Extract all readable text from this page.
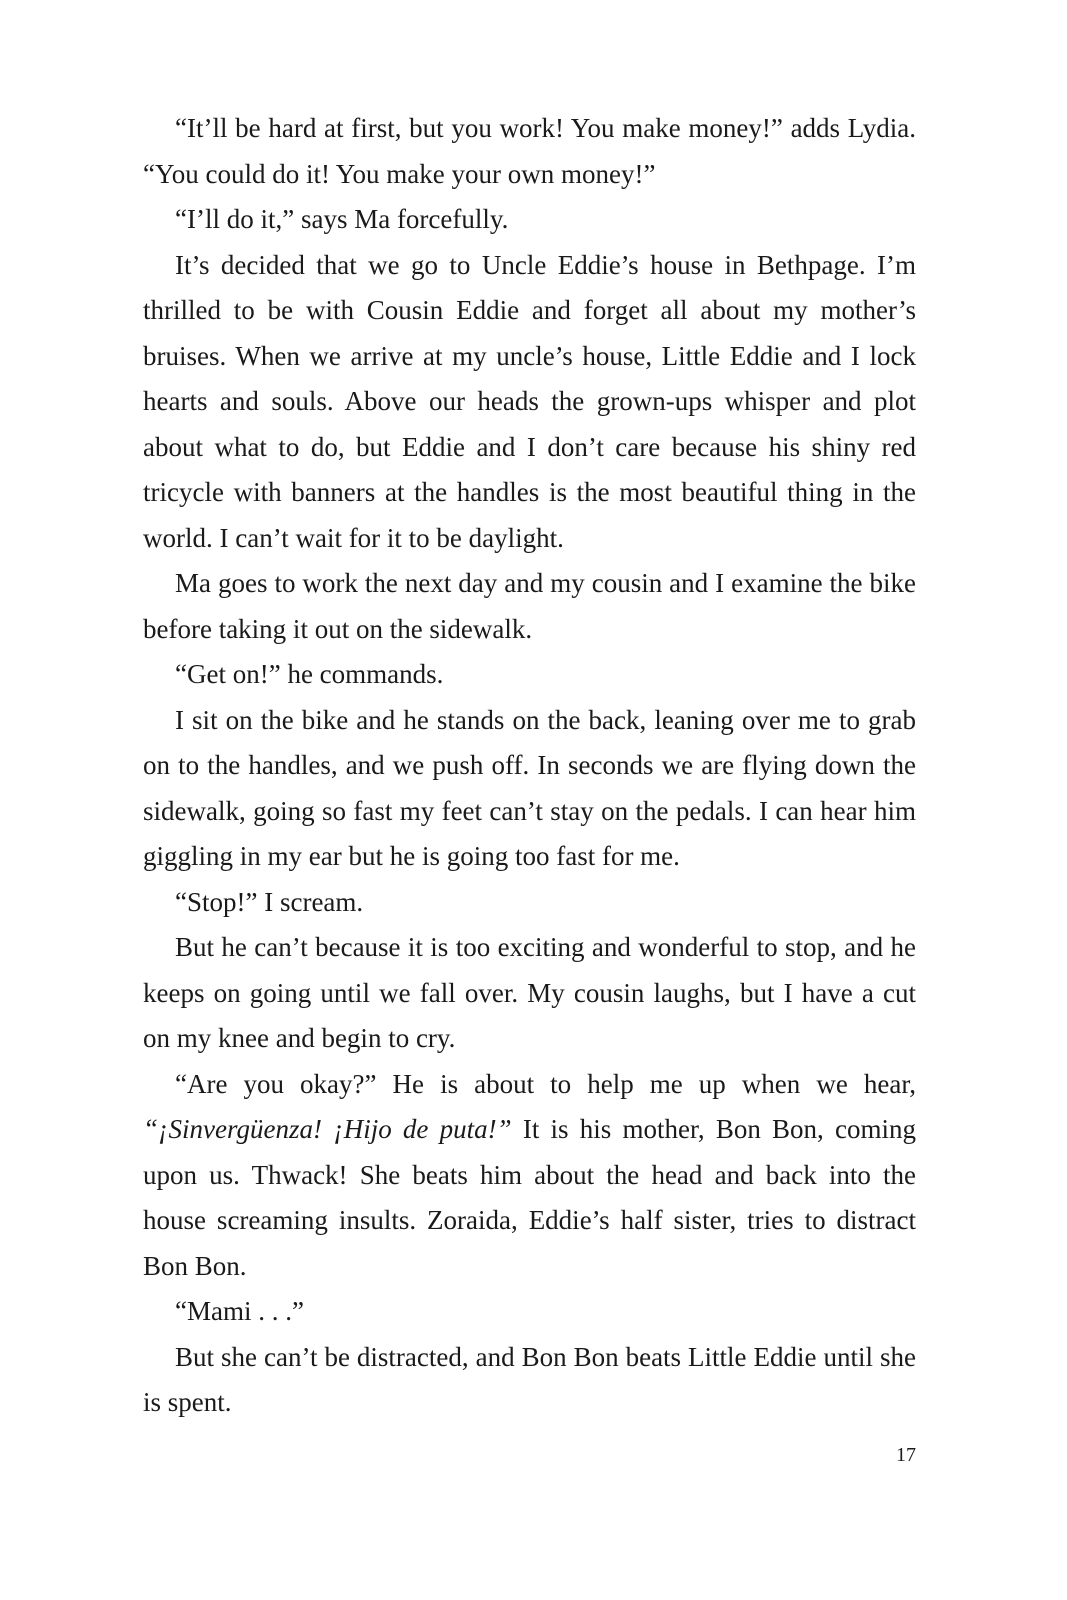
“It’ll be hard at first, but you work! You make money!” adds Lydia. “You could do it! You make your own money!”

“I’ll do it,” says Ma forcefully.

It’s decided that we go to Uncle Eddie’s house in Bethpage. I’m thrilled to be with Cousin Eddie and forget all about my mother’s bruises. When we arrive at my uncle’s house, Little Eddie and I lock hearts and souls. Above our heads the grown-ups whisper and plot about what to do, but Eddie and I don’t care because his shiny red tricycle with banners at the handles is the most beautiful thing in the world. I can’t wait for it to be daylight.

Ma goes to work the next day and my cousin and I examine the bike before taking it out on the sidewalk.

“Get on!” he commands.

I sit on the bike and he stands on the back, leaning over me to grab on to the handles, and we push off. In seconds we are flying down the sidewalk, going so fast my feet can’t stay on the pedals. I can hear him giggling in my ear but he is going too fast for me.

“Stop!” I scream.

But he can’t because it is too exciting and wonderful to stop, and he keeps on going until we fall over. My cousin laughs, but I have a cut on my knee and begin to cry.

“Are you okay?” He is about to help me up when we hear, “¡Sinvergüenza! ¡Hijo de puta!” It is his mother, Bon Bon, coming upon us. Thwack! She beats him about the head and back into the house screaming insults. Zoraida, Eddie’s half sister, tries to distract Bon Bon.

“Mami . . .”

But she can’t be distracted, and Bon Bon beats Little Eddie until she is spent.

17
